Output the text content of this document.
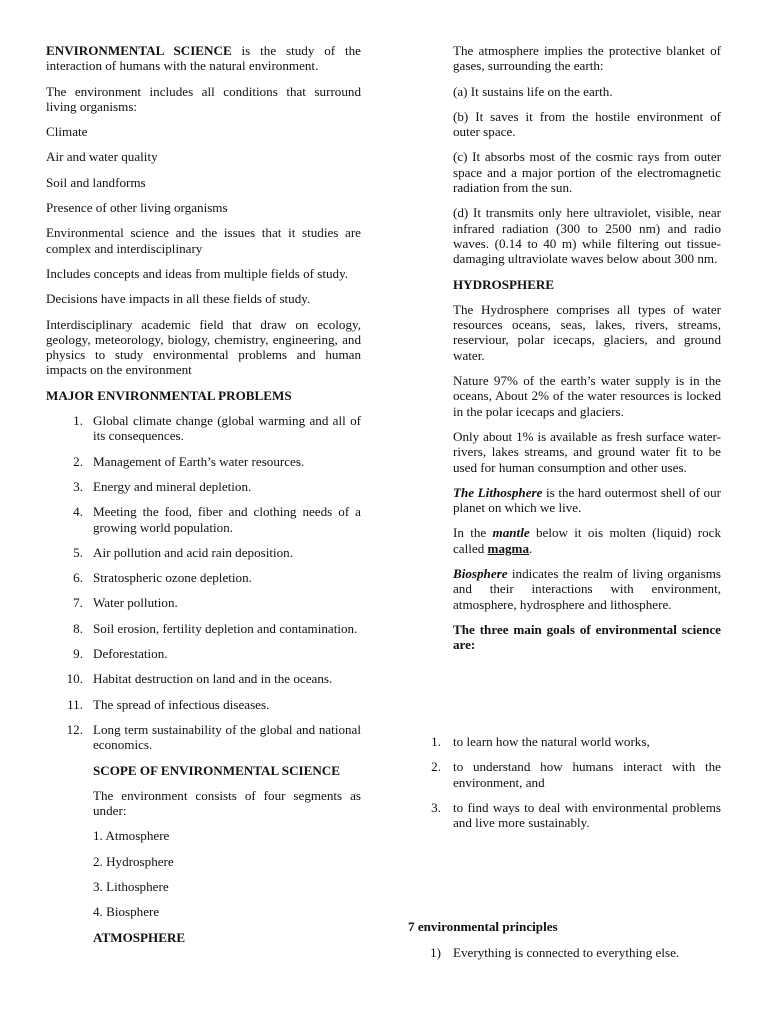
ENVIRONMENTAL SCIENCE is the study of the interaction of humans with the natural environment.

The environment includes all conditions that surround living organisms:

Climate
Air and water quality
Soil and landforms
Presence of other living organisms

Environmental science and the issues that it studies are complex and interdisciplinary

Includes concepts and ideas from multiple fields of study.

Decisions have impacts in all these fields of study.

Interdisciplinary academic field that draw on ecology, geology, meteorology, biology, chemistry, engineering, and physics to study environmental problems and human impacts on the environment

MAJOR ENVIRONMENTAL PROBLEMS
1. Global climate change (global warming and all of its consequences.
2. Management of Earth’s water resources.
3. Energy and mineral depletion.
4. Meeting the food, fiber and clothing needs of a growing world population.
5. Air pollution and acid rain deposition.
6. Stratospheric ozone depletion.
7. Water pollution.
8. Soil erosion, fertility depletion and contamination.
9. Deforestation.
10. Habitat destruction on land and in the oceans.
11. The spread of infectious diseases.
12. Long term sustainability of the global and national economics.
SCOPE OF ENVIRONMENTAL SCIENCE

The environment consists of four segments as under:

1. Atmosphere

2. Hydrosphere

3. Lithosphere

4. Biosphere

ATMOSPHERE

The atmosphere implies the protective blanket of gases, surrounding the earth:

(a) It sustains life on the earth.

(b) It saves it from the hostile environment of outer space.

(c) It absorbs most of the cosmic rays from outer space and a major portion of the electromagnetic radiation from the sun.

(d) It transmits only here ultraviolet, visible, near infrared radiation (300 to 2500 nm) and radio waves. (0.14 to 40 m) while filtering out tissue- damaging ultraviolate waves below about 300 nm.

HYDROSPHERE

The Hydrosphere comprises all types of water resources oceans, seas, lakes, rivers, streams, reserviour, polar icecaps, glaciers, and ground water.

Nature 97% of the earth’s water supply is in the oceans, About 2% of the water resources is locked in the polar icecaps and glaciers.

Only about 1% is available as fresh surface water-rivers, lakes streams, and ground water fit to be used for human consumption and other uses.

The Lithosphere is the hard outermost shell of our planet on which we live.

In the mantle below it ois molten (liquid) rock called magma.

Biosphere indicates the realm of living organisms and their interactions with environment, atmosphere, hydrosphere and lithosphere.

The three main goals of environmental science are:

1. to learn how the natural world works,
2. to understand how humans interact with the environment, and
3. to find ways to deal with environmental problems and live more sustainably.
7 environmental principles
1) Everything is connected to everything else.
